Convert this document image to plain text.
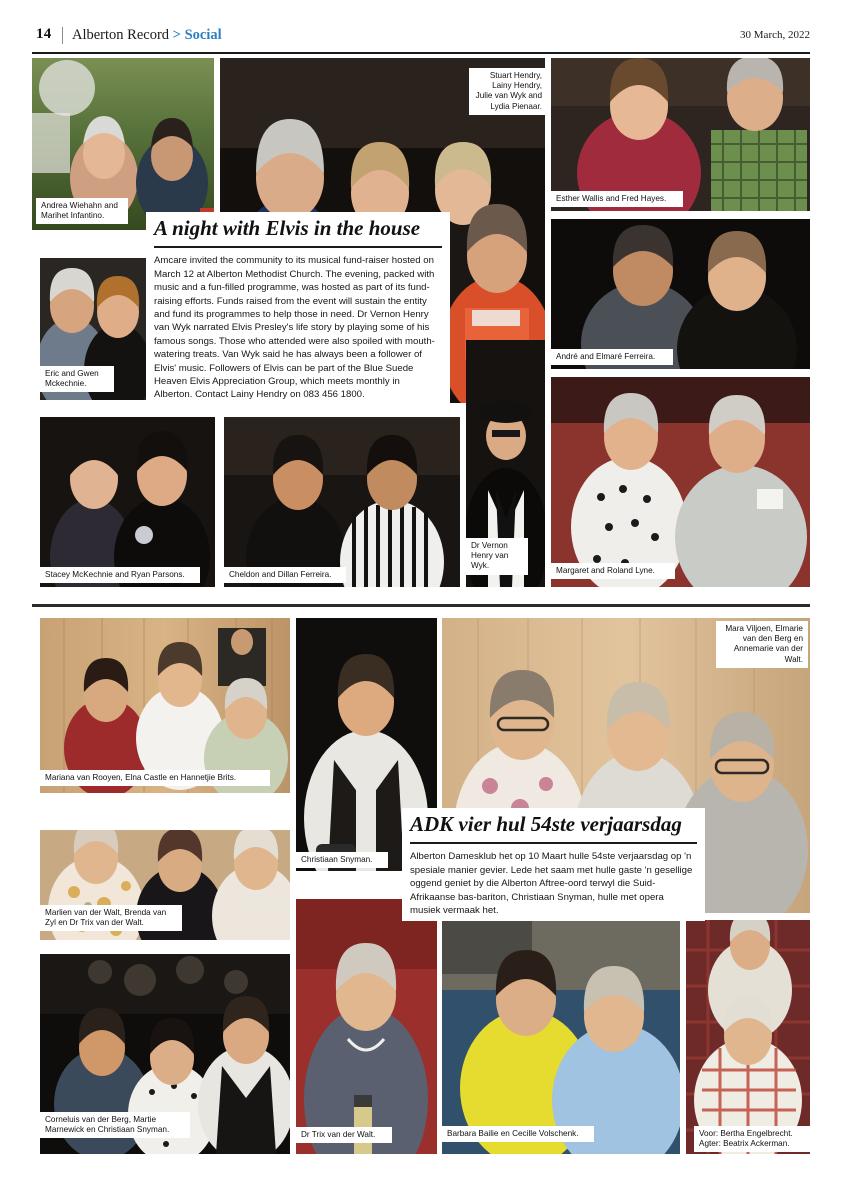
14 Alberton Record > Social	30 March, 2022
Andrea Wiehahn and Marihet Infantino.
Stuart Hendry, Lainy Hendry, Julie van Wyk and Lydia Pienaar.
Esther Wallis and Fred Hayes.
André and Elmaré Ferreira.
Eric and Gwen Mckechnie.
A night with Elvis in the house
Amcare invited the community to its musical fund-raiser hosted on March 12 at Alberton Methodist Church. The evening, packed with music and a fun-filled programme, was hosted as part of its fund-raising efforts. Funds raised from the event will sustain the entity and fund its programmes to help those in need. Dr Vernon Henry van Wyk narrated Elvis Presley's life story by playing some of his famous songs. Those who attended were also spoiled with mouth-watering treats. Van Wyk said he has always been a follower of Elvis' music. Followers of Elvis can be part of the Blue Suede Heaven Elvis Appreciation Group, which meets monthly in Alberton. Contact Lainy Hendry on 083 456 1800.
Stacey McKechnie and Ryan Parsons.	Cheldon and Dillan Ferreira.
Dr Vernon Henry van Wyk.
Margaret and Roland Lyne.
Mariana van Rooyen, Elna Castle en Hannetjie Brits.
Christiaan Snyman.
Mara Viljoen, Elmarie van den Berg en Annemarie van der Walt.
ADK vier hul 54ste verjaarsdag
Alberton Damesklub het op 10 Maart hulle 54ste verjaarsdag op 'n spesiale manier gevier. Lede het saam met hulle gaste 'n gesellige oggend geniet by die Alberton Aftree-oord terwyl die Suid-Afrikaanse bas-bariton, Christiaan Snyman, hulle met opera musiek vermaak het.
Marlien van der Walt, Brenda van Zyl en Dr Trix van der Walt.
Corneluis van der Berg, Martie Marnewick en Christiaan Snyman.
Dr Trix van der Walt.	Barbara Bailie en Cecille Volschenk.	Voor: Bertha Engelbrecht. Agter: Beatrix Ackerman.
